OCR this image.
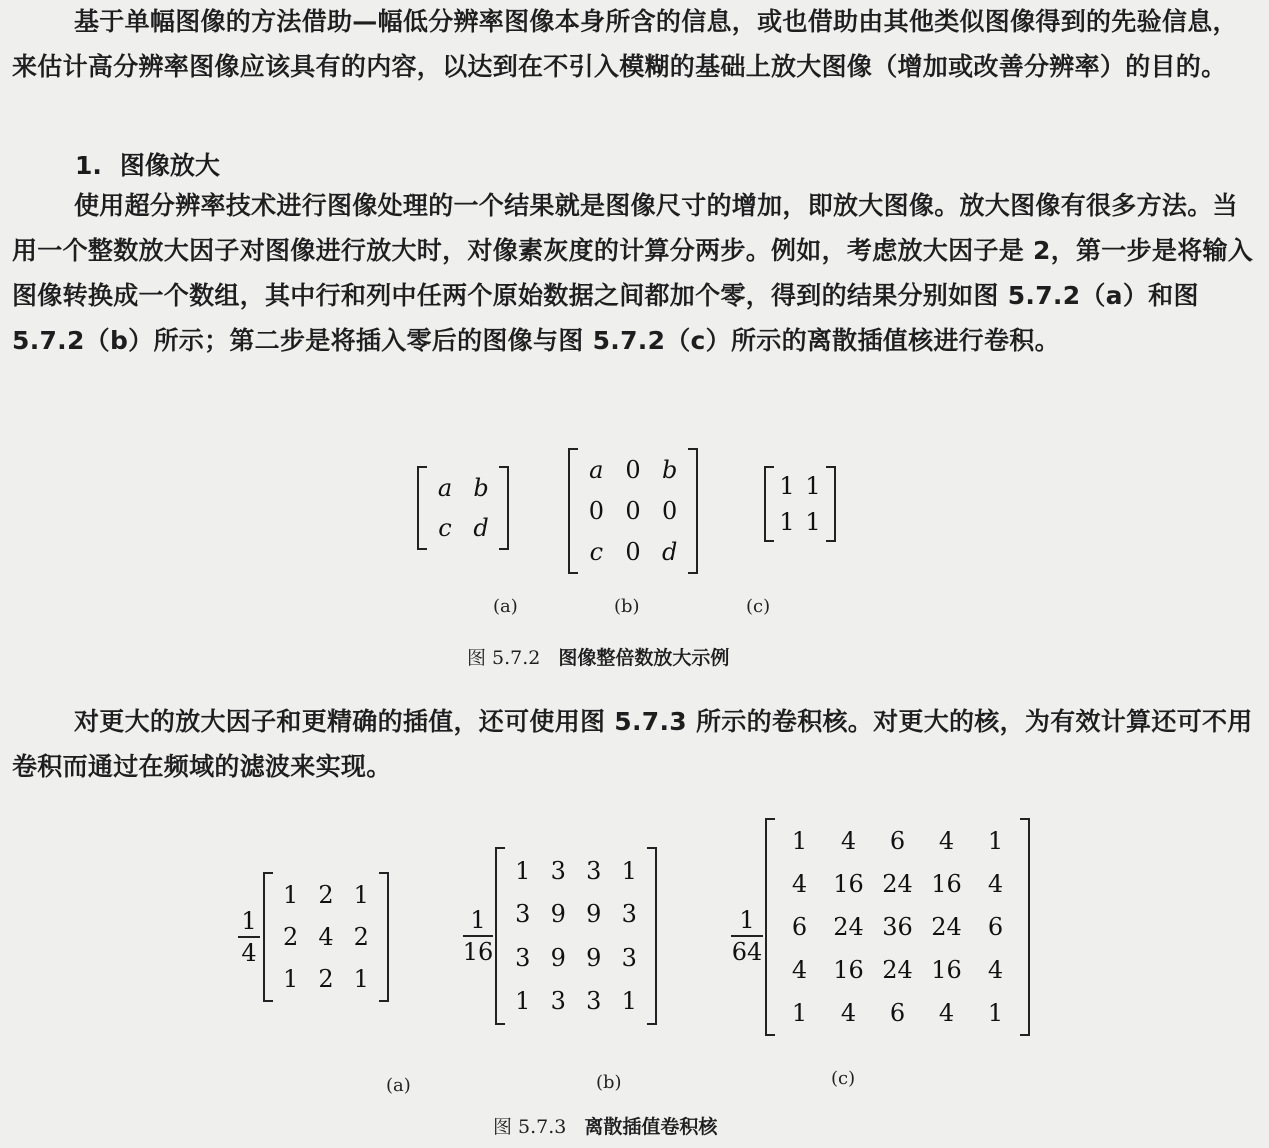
基于单幅图像的方法借助—幅低分辨率图像本身所含的信息，或也借助由其他类似图像得到的先验信息，来估计高分辨率图像应该具有的内容，以达到在不引入模糊的基础上放大图像（增加或改善分辨率）的目的。

1. 图像放大

使用超分辨率技术进行图像处理的一个结果就是图像尺寸的增加，即放大图像。放大图像有很多方法。当用一个整数放大因子对图像进行放大时，对像素灰度的计算分两步。例如，考虑放大因子是 2，第一步是将输入图像转换成一个数组，其中行和列中任两个原始数据之间都加个零，得到的结果分别如图 5.7.2（a）和图 5.7.2（b）所示；第二步是将插入零后的图像与图 5.7.2（c）所示的离散插值核进行卷积。

a b
c d
a 0 b
0 0 0
c 0 d
1 1
1 1
(a)	(b)	(c)
图 5.7.2 图像整倍数放大示例

对更大的放大因子和更精确的插值，还可使用图 5.7.3 所示的卷积核。对更大的核，为有效计算还可不用卷积而通过在频域的滤波来实现。

1
4
1 2 1
2 4 2
1 2 1
1
16
1 3 3 1
3 9 9 3
3 9 9 3
1 3 3 1
1
64
1	4	6	4	1
4	16 24 16	4
6	24 36 24	6
4	16 24 16	4
1	4	6	4	1
(a)	(b)	(c)
图 5.7.3 离散插值卷积核
